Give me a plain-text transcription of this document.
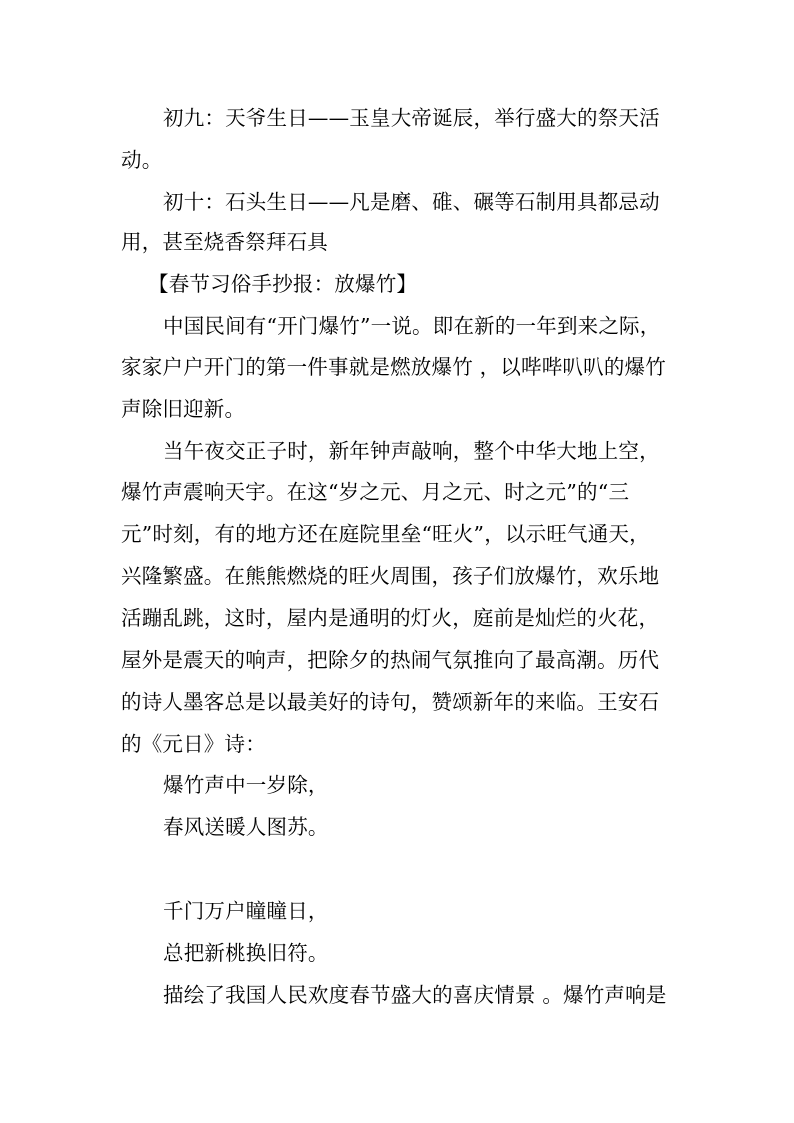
初九：天爷生日——玉皇大帝诞辰，举行盛大的祭天活
动。
初十：石头生日——凡是磨、碓、碾等石制用具都忌动
用，甚至烧香祭拜石具
【春节习俗手抄报：放爆竹】
中国民间有“开门爆竹”一说。即在新的一年到来之际，
家家户户开门的第一件事就是燃放爆竹 ，以哔哔叭叭的爆竹
声除旧迎新。
当午夜交正子时，新年钟声敲响，整个中华大地上空，
爆竹声震响天宇。在这“岁之元、月之元、时之元”的“三
元”时刻，有的地方还在庭院里垒“旺火”，以示旺气通天，
兴隆繁盛。在熊熊燃烧的旺火周围，孩子们放爆竹，欢乐地
活蹦乱跳，这时，屋内是通明的灯火，庭前是灿烂的火花，
屋外是震天的响声，把除夕的热闹气氛推向了最高潮。历代
的诗人墨客总是以最美好的诗句，赞颂新年的来临。王安石
的《元日》诗：
爆竹声中一岁除，
春风送暖人图苏。
千门万户瞳瞳日，
总把新桃换旧符。
描绘了我国人民欢度春节盛大的喜庆情景 。爆竹声响是
